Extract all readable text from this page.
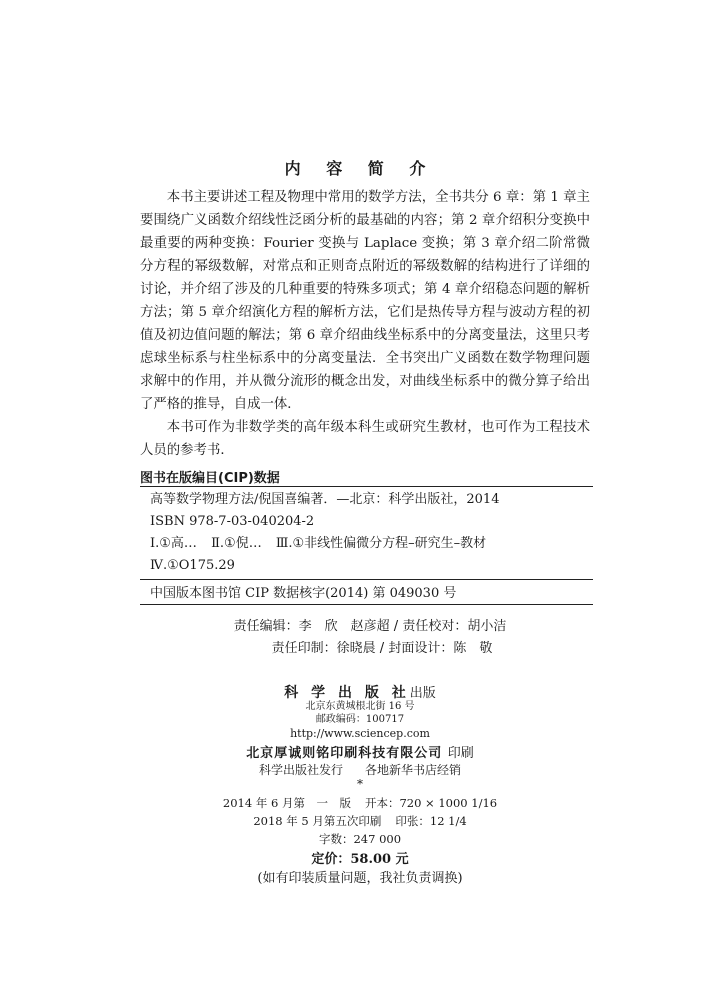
内 容 简 介

本书主要讲述工程及物理中常用的数学方法，全书共分 6 章：第 1 章主要围绕广义函数介绍线性泛函分析的最基础的内容；第 2 章介绍积分变换中最重要的两种变换：Fourier 变换与 Laplace 变换；第 3 章介绍二阶常微分方程的幂级数解，对常点和正则奇点附近的幂级数解的结构进行了详细的讨论，并介绍了涉及的几种重要的特殊多项式；第 4 章介绍稳态问题的解析方法；第 5 章介绍演化方程的解析方法，它们是热传导方程与波动方程的初值及初边值问题的解法；第 6 章介绍曲线坐标系中的分离变量法，这里只考虑球坐标系与柱坐标系中的分离变量法．全书突出广义函数在数学物理问题求解中的作用，并从微分流形的概念出发，对曲线坐标系中的微分算子给出了严格的推导，自成一体．

本书可作为非数学类的高年级本科生或研究生教材，也可作为工程技术人员的参考书．

图书在版编目(CIP)数据
高等数学物理方法/倪国喜编著．—北京：科学出版社，2014
ISBN 978-7-03-040204-2
Ⅰ.①高… Ⅱ.①倪… Ⅲ.①非线性偏微分方程–研究生–教材
Ⅳ.①O175.29
中国版本图书馆 CIP 数据核字(2014) 第 049030 号
责任编辑：李　欣　赵彦超 / 责任校对：胡小洁
责任印制：徐晓晨 / 封面设计：陈　敬
科 学 出 版 社出版
北京东黄城根北街 16 号
邮政编码：100717
http://www.sciencep.com
北京厚诚则铭印刷科技有限公司 印刷
科学出版社发行 各地新华书店经销
*
2014 年 6 月第　一　版 开本：720 × 1000 1/16
2018 年 5 月第五次印刷 印张：12 1/4
字数：247 000
定价：58.00 元
(如有印装质量问题，我社负责调换)
